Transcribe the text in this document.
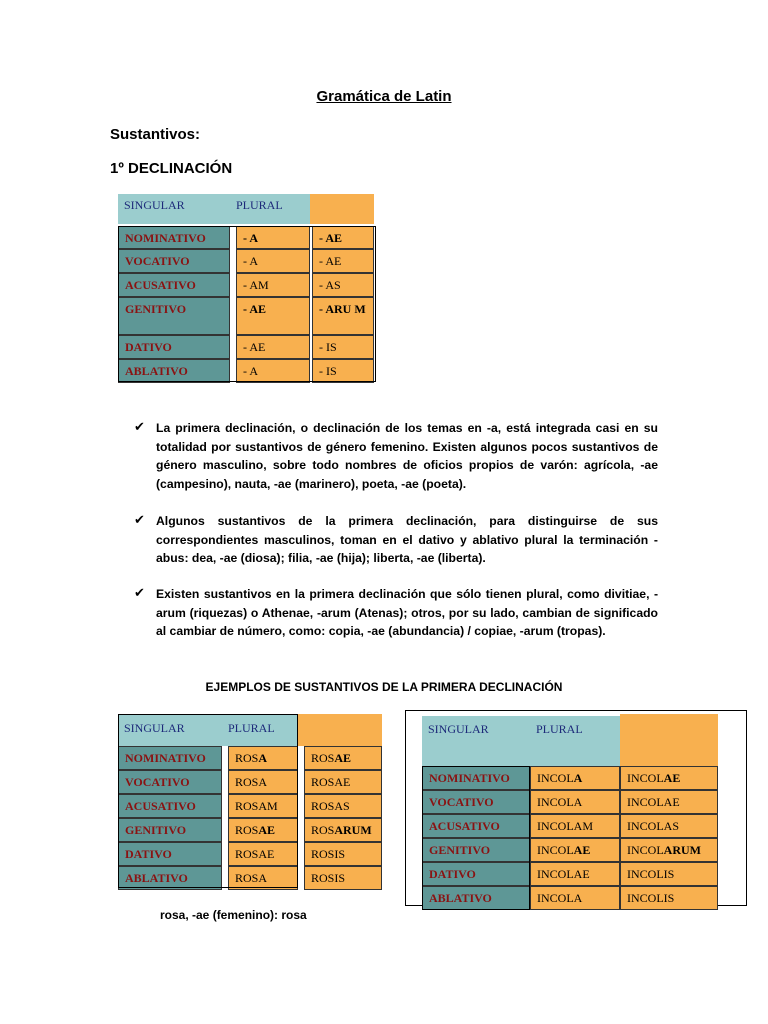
Gramática de Latin
Sustantivos:
1º DECLINACIÓN
SINGULAR	PLURAL
NOMINATIVO	- A	- AE
VOCATIVO	- A	- AE
ACUSATIVO	- AM	- AS
GENITIVO	- AE	- ARU M
DATIVO	- AE	- IS
ABLATIVO	- A	- IS
✔ La primera declinación, o declinación de los temas en -a, está integrada casi en su totalidad por sustantivos de género femenino. Existen algunos pocos sustantivos de género masculino, sobre todo nombres de oficios propios de varón: agrícola, -ae (campesino), nauta, -ae (marinero), poeta, -ae (poeta).
✔ Algunos sustantivos de la primera declinación, para distinguirse de sus correspondientes masculinos, toman en el dativo y ablativo plural la terminación -abus: dea, -ae (diosa); filia, -ae (hija); liberta, -ae (liberta).
✔ Existen sustantivos en la primera declinación que sólo tienen plural, como divitiae, -arum (riquezas) o Athenae, -arum (Atenas); otros, por su lado, cambian de significado al cambiar de número, como: copia, -ae (abundancia) / copiae, -arum (tropas).
EJEMPLOS DE SUSTANTIVOS DE LA PRIMERA DECLINACIÓN
SINGULAR	PLURAL
NOMINATIVO	ROS A	ROS AE
VOCATIVO	ROSA	ROSAE
ACUSATIVO	ROSAM	ROSAS
GENITIVO	ROS AE	ROS ARUM
DATIVO	ROSAE	ROSIS
ABLATIVO	ROSA	ROSIS
rosa, -ae (femenino): rosa
SINGULAR	PLURAL
NOMINATIVO	INCOL A	INCOL AE
VOCATIVO	INCOLA	INCOLAE
ACUSATIVO	INCOLAM	INCOLAS
GENITIVO	INCOL AE	INCOL ARUM
DATIVO	INCOLAE	INCOLIS
ABLATIVO	INCOLA	INCOLIS
